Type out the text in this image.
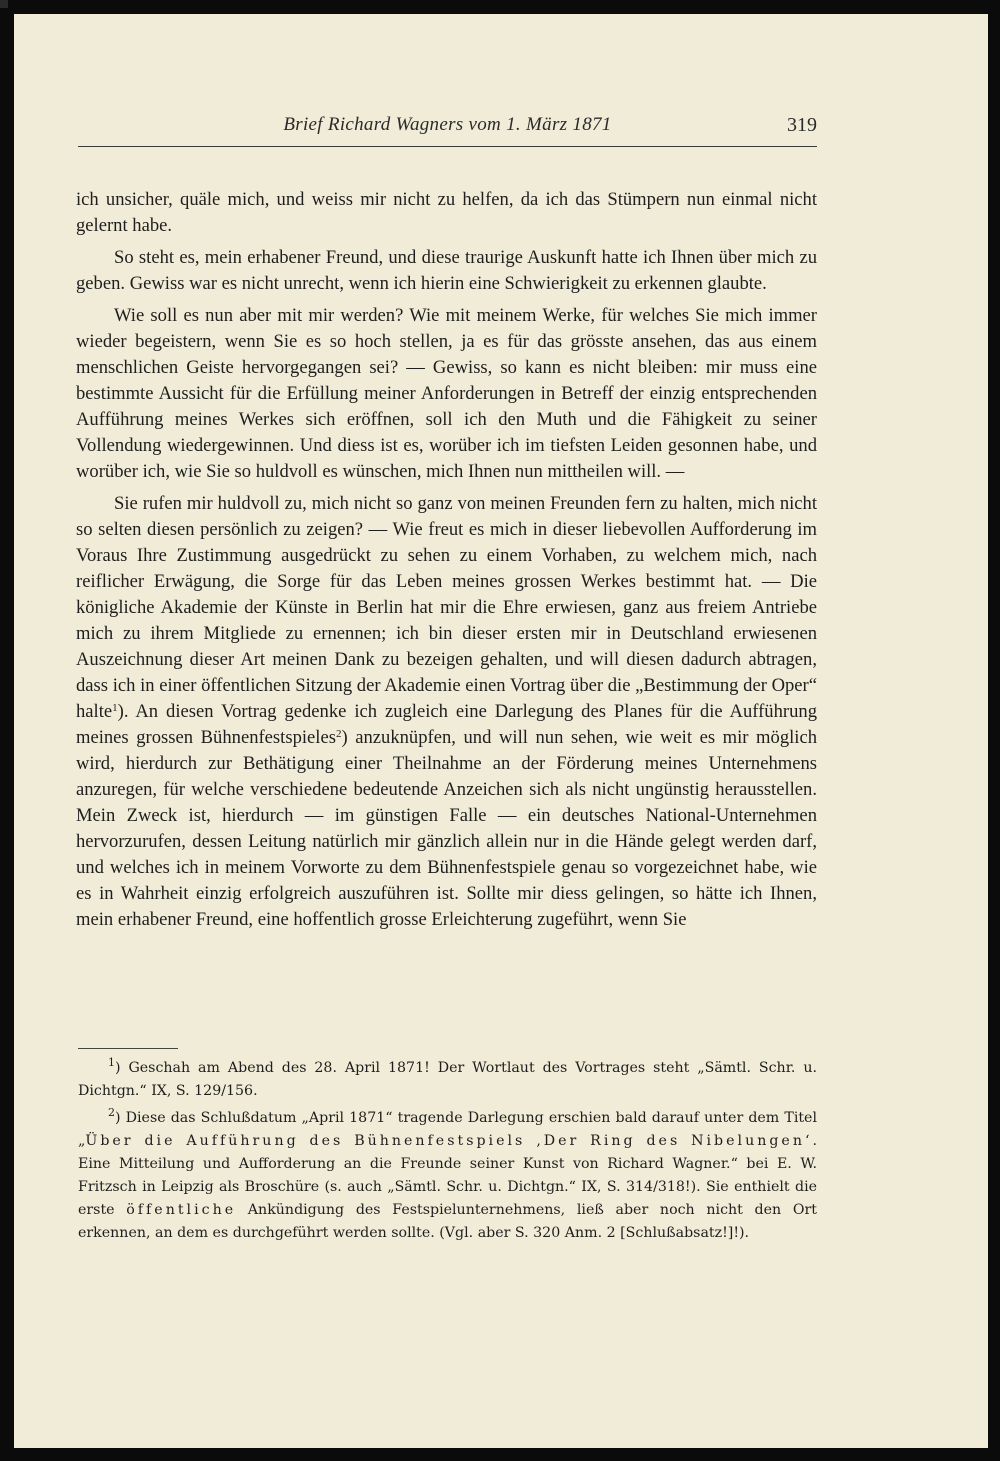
Brief Richard Wagners vom 1. März 1871	319

ich unsicher, quäle mich, und weiss mir nicht zu helfen, da ich das Stümpern nun einmal nicht gelernt habe.

So steht es, mein erhabener Freund, und diese traurige Auskunft hatte ich Ihnen über mich zu geben. Gewiss war es nicht unrecht, wenn ich hierin eine Schwierigkeit zu erkennen glaubte.

Wie soll es nun aber mit mir werden? Wie mit meinem Werke, für welches Sie mich immer wieder begeistern, wenn Sie es so hoch stellen, ja es für das grösste ansehen, das aus einem menschlichen Geiste hervorgegangen sei? — Gewiss, so kann es nicht bleiben: mir muss eine bestimmte Aussicht für die Erfüllung meiner Anforderungen in Betreff der einzig entsprechenden Aufführung meines Werkes sich eröffnen, soll ich den Muth und die Fähigkeit zu seiner Vollendung wiedergewinnen. Und diess ist es, worüber ich im tiefsten Leiden gesonnen habe, und worüber ich, wie Sie so huldvoll es wünschen, mich Ihnen nun mittheilen will. —

Sie rufen mir huldvoll zu, mich nicht so ganz von meinen Freunden fern zu halten, mich nicht so selten diesen persönlich zu zeigen? — Wie freut es mich in dieser liebevollen Aufforderung im Voraus Ihre Zustimmung ausgedrückt zu sehen zu einem Vorhaben, zu welchem mich, nach reiflicher Erwägung, die Sorge für das Leben meines grossen Werkes bestimmt hat. — Die königliche Akademie der Künste in Berlin hat mir die Ehre erwiesen, ganz aus freiem Antriebe mich zu ihrem Mitgliede zu ernennen; ich bin dieser ersten mir in Deutschland erwiesenen Auszeichnung dieser Art meinen Dank zu bezeigen gehalten, und will diesen dadurch abtragen, dass ich in einer öffentlichen Sitzung der Akademie einen Vortrag über die „Bestimmung der Oper“ halte$^1$). An diesen Vortrag gedenke ich zugleich eine Darlegung des Planes für die Aufführung meines grossen Bühnenfestspieles$^2$) anzuknüpfen, und will nun sehen, wie weit es mir möglich wird, hierdurch zur Bethätigung einer Theilnahme an der Förderung meines Unternehmens anzuregen, für welche verschiedene bedeutende Anzeichen sich als nicht ungünstig herausstellen. Mein Zweck ist, hierdurch — im günstigen Falle — ein deutsches National-Unternehmen hervorzurufen, dessen Leitung natürlich mir gänzlich allein nur in die Hände gelegt werden darf, und welches ich in meinem Vorworte zu dem Bühnenfestspiele genau so vorgezeichnet habe, wie es in Wahrheit einzig erfolgreich auszuführen ist. Sollte mir diess gelingen, so hätte ich Ihnen, mein erhabener Freund, eine hoffentlich grosse Erleichterung zugeführt, wenn Sie

$^1$) Geschah am Abend des 28. April 1871! Der Wortlaut des Vortrages steht „Sämtl. Schr. u. Dichtgn.“ IX, S. 129/156.

$^2$) Diese das Schlußdatum „April 1871“ tragende Darlegung erschien bald darauf unter dem Titel „Über die Aufführung des Bühnenfestspiels ‚Der Ring des Nibelungen‘. Eine Mitteilung und Aufforderung an die Freunde seiner Kunst von Richard Wagner.“ bei E. W. Fritzsch in Leipzig als Broschüre (s. auch „Sämtl. Schr. u. Dichtgn.“ IX, S. 314/318!). Sie enthielt die erste öffentliche Ankündigung des Festspielunternehmens, ließ aber noch nicht den Ort erkennen, an dem es durchgeführt werden sollte. (Vgl. aber S. 320 Anm. 2 [Schlußabsatz!]!).
